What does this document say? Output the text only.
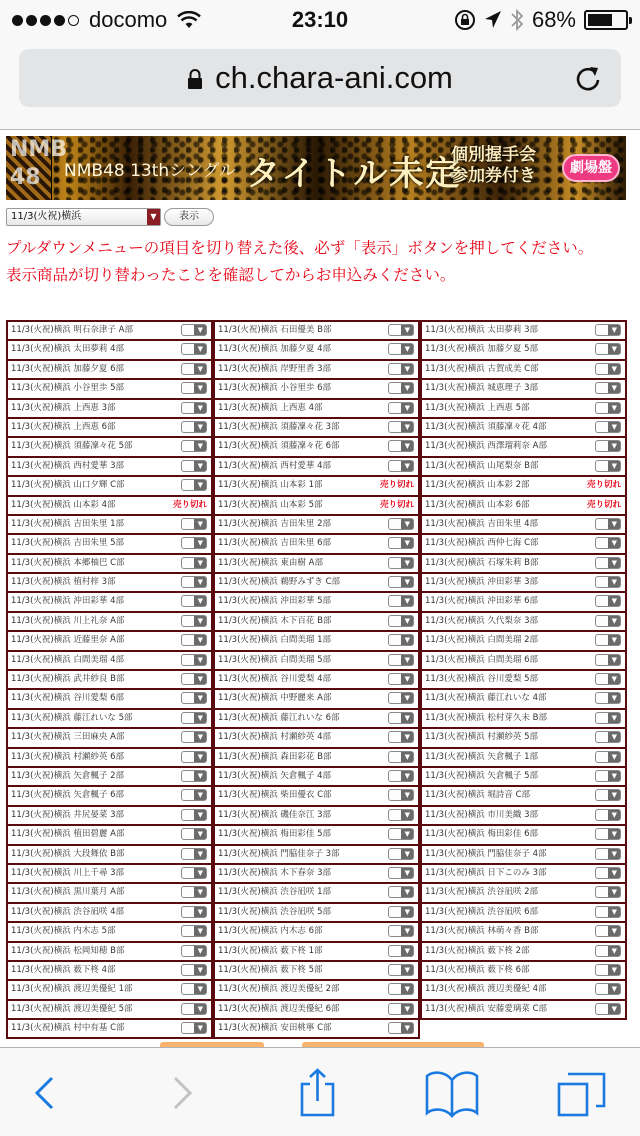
docomo	23:10	68%
ch.chara-ani.com
NMB 48	NMB48 13thシングル タイトル未定
個別握手会
参加券付き	劇場盤
11/3(火祝)横浜	▼	表示
プルダウンメニューの項目を切り替えた後、必ず「表示」ボタンを押してください。
表示商品が切り替わったことを確認してからお申込みください。
11/3(火祝)横浜 明石奈津子 A部
▼
11/3(火祝)横浜 太田夢莉 4部
▼
11/3(火祝)横浜 加藤夕夏 6部
▼
11/3(火祝)横浜 小谷里歩 5部
▼
11/3(火祝)横浜 上西恵 3部
▼
11/3(火祝)横浜 上西恵 6部
▼
11/3(火祝)横浜 須藤凜々花 5部
▼
11/3(火祝)横浜 西村愛華 3部
▼
11/3(火祝)横浜 山口夕輝 C部
▼
11/3(火祝)横浜 山本彩 4部	売り切れ
11/3(火祝)横浜 吉田朱里 1部
▼
11/3(火祝)横浜 吉田朱里 5部
▼
11/3(火祝)横浜 本郷柚巴 C部
▼
11/3(火祝)横浜 植村梓 3部
▼
11/3(火祝)横浜 沖田彩華 4部
▼
11/3(火祝)横浜 川上礼奈 A部
▼
11/3(火祝)横浜 近藤里奈 A部
▼
11/3(火祝)横浜 白間美瑠 4部
▼
11/3(火祝)横浜 武井紗良 B部
▼
11/3(火祝)横浜 谷川愛梨 6部
▼
11/3(火祝)横浜 藤江れいな 5部
▼
11/3(火祝)横浜 三田麻央 A部
▼
11/3(火祝)横浜 村瀬紗英 6部
▼
11/3(火祝)横浜 矢倉楓子 2部
▼
11/3(火祝)横浜 矢倉楓子 6部
▼
11/3(火祝)横浜 井尻晏菜 3部
▼
11/3(火祝)横浜 植田碧麗 A部
▼
11/3(火祝)横浜 大段舞依 B部
▼
11/3(火祝)横浜 川上千尋 3部
▼
11/3(火祝)横浜 黒川葉月 A部
▼
11/3(火祝)横浜 渋谷凪咲 4部
▼
11/3(火祝)横浜 内木志 5部
▼
11/3(火祝)横浜 松岡知穂 B部
▼
11/3(火祝)横浜 薮下柊 4部
▼
11/3(火祝)横浜 渡辺美優紀 1部
▼
11/3(火祝)横浜 渡辺美優紀 5部
▼
11/3(火祝)横浜 村中有基 C部
▼
11/3(火祝)横浜 石田優美 B部
▼
11/3(火祝)横浜 加藤夕夏 4部
▼
11/3(火祝)横浜 岸野里香 3部
▼
11/3(火祝)横浜 小谷里歩 6部
▼
11/3(火祝)横浜 上西恵 4部
▼
11/3(火祝)横浜 須藤凜々花 3部
▼
11/3(火祝)横浜 須藤凜々花 6部
▼
11/3(火祝)横浜 西村愛華 4部
▼
11/3(火祝)横浜 山本彩 1部	売り切れ
11/3(火祝)横浜 山本彩 5部	売り切れ
11/3(火祝)横浜 吉田朱里 2部
▼
11/3(火祝)横浜 吉田朱里 6部
▼
11/3(火祝)横浜 東由樹 A部
▼
11/3(火祝)横浜 鵜野みずき C部
▼
11/3(火祝)横浜 沖田彩華 5部
▼
11/3(火祝)横浜 木下百花 B部
▼
11/3(火祝)横浜 白間美瑠 1部
▼
11/3(火祝)横浜 白間美瑠 5部
▼
11/3(火祝)横浜 谷川愛梨 4部
▼
11/3(火祝)横浜 中野麗来 A部
▼
11/3(火祝)横浜 藤江れいな 6部
▼
11/3(火祝)横浜 村瀬紗英 4部
▼
11/3(火祝)横浜 森田彩花 B部
▼
11/3(火祝)横浜 矢倉楓子 4部
▼
11/3(火祝)横浜 柴田優衣 C部
▼
11/3(火祝)横浜 磯佳奈江 3部
▼
11/3(火祝)横浜 梅田彩佳 5部
▼
11/3(火祝)横浜 門脇佳奈子 3部
▼
11/3(火祝)横浜 木下春奈 3部
▼
11/3(火祝)横浜 渋谷凪咲 1部
▼
11/3(火祝)横浜 渋谷凪咲 5部
▼
11/3(火祝)横浜 内木志 6部
▼
11/3(火祝)横浜 薮下柊 1部
▼
11/3(火祝)横浜 薮下柊 5部
▼
11/3(火祝)横浜 渡辺美優紀 2部
▼
11/3(火祝)横浜 渡辺美優紀 6部
▼
11/3(火祝)横浜 安田桃寧 C部
▼
11/3(火祝)横浜 太田夢莉 3部
▼
11/3(火祝)横浜 加藤夕夏 5部
▼
11/3(火祝)横浜 古賀成美 C部
▼
11/3(火祝)横浜 城恵理子 3部
▼
11/3(火祝)横浜 上西恵 5部
▼
11/3(火祝)横浜 須藤凜々花 4部
▼
11/3(火祝)横浜 西澤瑠莉奈 A部
▼
11/3(火祝)横浜 山尾梨奈 B部
▼
11/3(火祝)横浜 山本彩 2部	売り切れ
11/3(火祝)横浜 山本彩 6部	売り切れ
11/3(火祝)横浜 吉田朱里 4部
▼
11/3(火祝)横浜 西仲七海 C部
▼
11/3(火祝)横浜 石塚朱莉 B部
▼
11/3(火祝)横浜 沖田彩華 3部
▼
11/3(火祝)横浜 沖田彩華 6部
▼
11/3(火祝)横浜 久代梨奈 3部
▼
11/3(火祝)横浜 白間美瑠 2部
▼
11/3(火祝)横浜 白間美瑠 6部
▼
11/3(火祝)横浜 谷川愛梨 5部
▼
11/3(火祝)横浜 藤江れいな 4部
▼
11/3(火祝)横浜 松村芽久未 B部
▼
11/3(火祝)横浜 村瀬紗英 5部
▼
11/3(火祝)横浜 矢倉楓子 1部
▼
11/3(火祝)横浜 矢倉楓子 5部
▼
11/3(火祝)横浜 堀詩音 C部
▼
11/3(火祝)横浜 市川美織 3部
▼
11/3(火祝)横浜 梅田彩佳 6部
▼
11/3(火祝)横浜 門脇佳奈子 4部
▼
11/3(火祝)横浜 日下このみ 3部
▼
11/3(火祝)横浜 渋谷凪咲 2部
▼
11/3(火祝)横浜 渋谷凪咲 6部
▼
11/3(火祝)横浜 林萌々香 B部
▼
11/3(火祝)横浜 薮下柊 2部
▼
11/3(火祝)横浜 薮下柊 6部
▼
11/3(火祝)横浜 渡辺美優紀 4部
▼
11/3(火祝)横浜 安藤愛璃菜 C部
▼
